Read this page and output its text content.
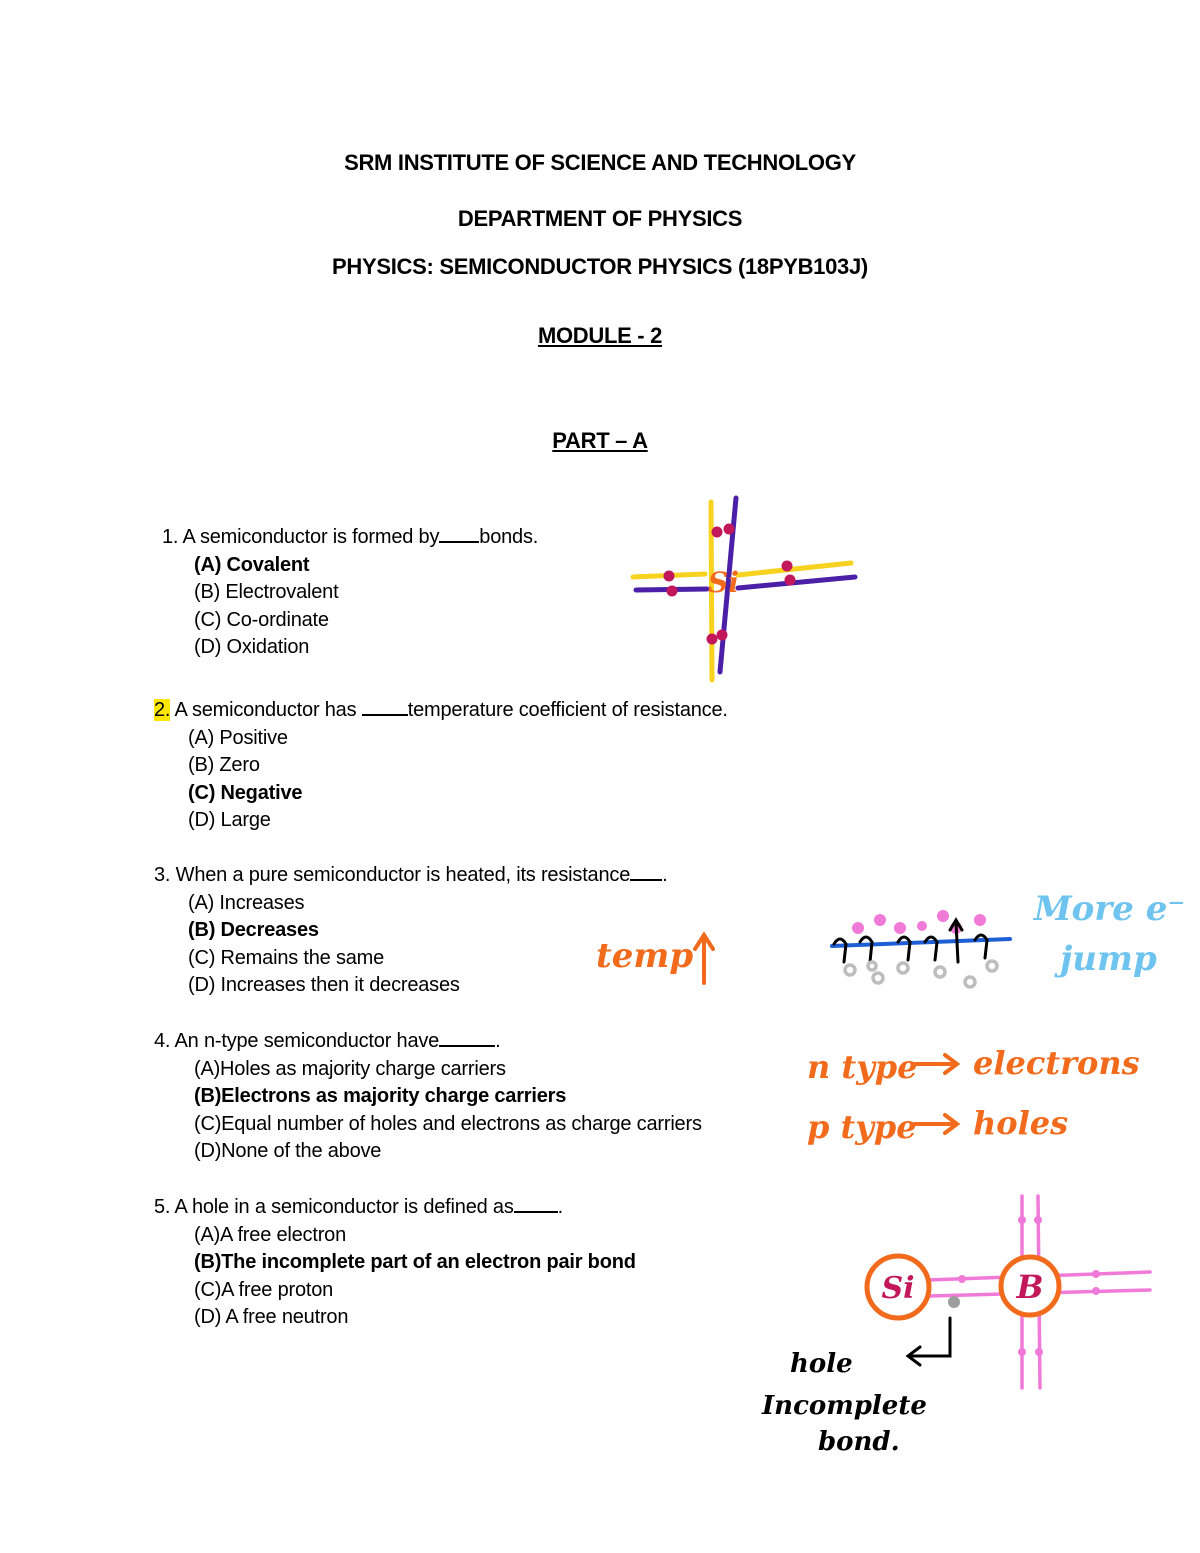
SRM INSTITUTE OF SCIENCE AND TECHNOLOGY
DEPARTMENT OF PHYSICS
PHYSICS: SEMICONDUCTOR PHYSICS (18PYB103J)
MODULE - 2
PART – A
1. A semiconductor is formed by bonds.
(A) Covalent
(B) Electrovalent
(C) Co-ordinate
(D) Oxidation
2. A semiconductor has	temperature coefficient of resistance.
(A) Positive
(B) Zero
(C) Negative
(D) Large
3. When a pure semiconductor is heated, its resistance .
(A) Increases
(B) Decreases
(C) Remains the same
(D) Increases then it decreases
4. An n-type semiconductor have	.
(A)Holes as majority charge carriers
(B)Electrons as majority charge carriers
(C)Equal number of holes and electrons as charge carriers
(D)None of the above
5. A hole in a semiconductor is defined as .
(A)A free electron
(B)The incomplete part of an electron pair bond
(C)A free proton
(D) A free neutron
Si
temp
More e⁻
jump
n type electrons
p type holes
Si	B
hole
Incomplete
bond.
